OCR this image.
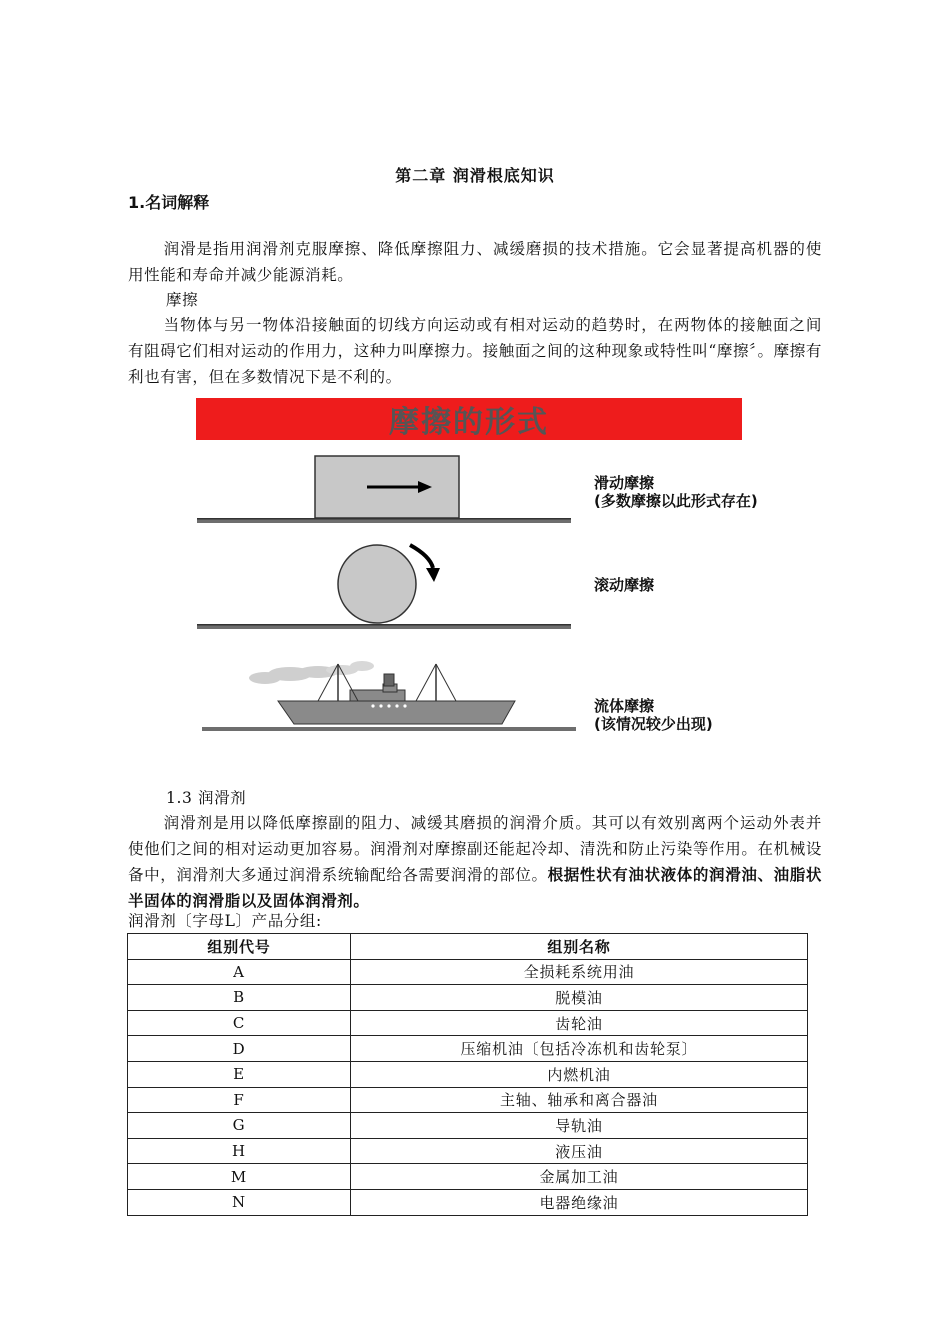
第二章 润滑根底知识
1.名词解释
润滑是指用润滑剂克服摩擦、降低摩擦阻力、减缓磨损的技术措施。它会显著提高机器的使用性能和寿命并减少能源消耗。
摩擦
当物体与另一物体沿接触面的切线方向运动或有相对运动的趋势时，在两物体的接触面之间有阻碍它们相对运动的作用力，这种力叫摩擦力。接触面之间的这种现象或特性叫“摩擦〞。摩擦有利也有害，但在多数情况下是不利的。
摩擦的形式
滑动摩擦
(多数摩擦以此形式存在)
滚动摩擦
流体摩擦
(该情况较少出现)
1.3 润滑剂
润滑剂是用以降低摩擦副的阻力、减缓其磨损的润滑介质。其可以有效别离两个运动外表并使他们之间的相对运动更加容易。润滑剂对摩擦副还能起冷却、清洗和防止污染等作用。在机械设备中，润滑剂大多通过润滑系统输配给各需要润滑的部位。根据性状有油状液体的润滑油、油脂状半固体的润滑脂以及固体润滑剂。
润滑剂〔字母L〕产品分组:
组别代号	组别名称
A	全损耗系统用油
B	脱模油
C	齿轮油
D	压缩机油〔包括冷冻机和齿轮泵〕
E	内燃机油
F	主轴、轴承和离合器油
G	导轨油
H	液压油
M	金属加工油
N	电器绝缘油
